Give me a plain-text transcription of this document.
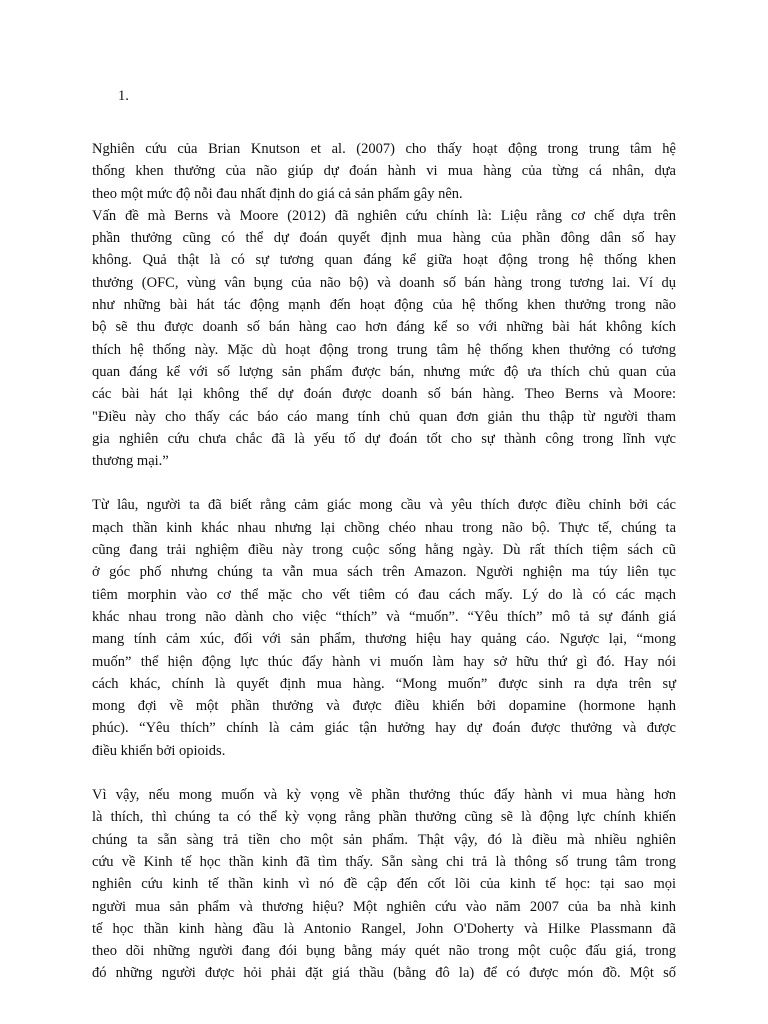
1.
Nghiên cứu của Brian Knutson et al. (2007) cho thấy hoạt động trong trung tâm hệ
thống khen thưởng của não giúp dự đoán hành vi mua hàng của từng cá nhân, dựa
theo một mức độ nỗi đau nhất định do giá cả sản phẩm gây nên.
Vấn đề mà Berns và Moore (2012) đã nghiên cứu chính là: Liệu rằng cơ chế dựa trên
phần thưởng cũng có thể dự đoán quyết định mua hàng của phần đông dân số hay
không. Quả thật là có sự tương quan đáng kể giữa hoạt động trong hệ thống khen
thưởng (OFC, vùng vân bụng của não bộ) và doanh số bán hàng trong tương lai. Ví dụ
như những bài hát tác động mạnh đến hoạt động của hệ thống khen thưởng trong não
bộ sẽ thu được doanh số bán hàng cao hơn đáng kể so với những bài hát không kích
thích hệ thống này. Mặc dù hoạt động trong trung tâm hệ thống khen thưởng có tương
quan đáng kể với số lượng sản phẩm được bán, nhưng mức độ ưa thích chủ quan của
các bài hát lại không thể dự đoán được doanh số bán hàng. Theo Berns và Moore:
"Điều này cho thấy các báo cáo mang tính chủ quan đơn giản thu thập từ người tham
gia nghiên cứu chưa chắc đã là yếu tố dự đoán tốt cho sự thành công trong lĩnh vực
thương mại.”
Từ lâu, người ta đã biết rằng cảm giác mong cầu và yêu thích được điều chỉnh bởi các
mạch thần kinh khác nhau nhưng lại chồng chéo nhau trong não bộ. Thực tế, chúng ta
cũng đang trải nghiệm điều này trong cuộc sống hằng ngày. Dù rất thích tiệm sách cũ
ở góc phố nhưng chúng ta vẫn mua sách trên Amazon. Người nghiện ma túy liên tục
tiêm morphin vào cơ thể mặc cho vết tiêm có đau cách mấy. Lý do là có các mạch
khác nhau trong não dành cho việc “thích” và “muốn”. “Yêu thích” mô tả sự đánh giá
mang tính cảm xúc, đối với sản phẩm, thương hiệu hay quảng cáo. Ngược lại, “mong
muốn” thể hiện động lực thúc đẩy hành vi muốn làm hay sở hữu thứ gì đó. Hay nói
cách khác, chính là quyết định mua hàng. “Mong muốn” được sinh ra dựa trên sự
mong đợi về một phần thưởng và được điều khiển bởi dopamine (hormone hạnh
phúc). “Yêu thích” chính là cảm giác tận hưởng hay dự đoán được thưởng và được
điều khiển bởi opioids.
Vì vậy, nếu mong muốn và kỳ vọng về phần thưởng thúc đẩy hành vi mua hàng hơn
là thích, thì chúng ta có thể kỳ vọng rằng phần thưởng cũng sẽ là động lực chính khiến
chúng ta sẵn sàng trả tiền cho một sản phẩm. Thật vậy, đó là điều mà nhiều nghiên
cứu về Kinh tế học thần kinh đã tìm thấy. Sẵn sàng chi trả là thông số trung tâm trong
nghiên cứu kinh tế thần kinh vì nó đề cập đến cốt lõi của kinh tế học: tại sao mọi
người mua sản phẩm và thương hiệu? Một nghiên cứu vào năm 2007 của ba nhà kinh
tế học thần kinh hàng đầu là Antonio Rangel, John O'Doherty và Hilke Plassmann đã
theo dõi những người đang đói bụng bằng máy quét não trong một cuộc đấu giá, trong
đó những người được hỏi phải đặt giá thầu (bằng đô la) để có được món đồ. Một số
